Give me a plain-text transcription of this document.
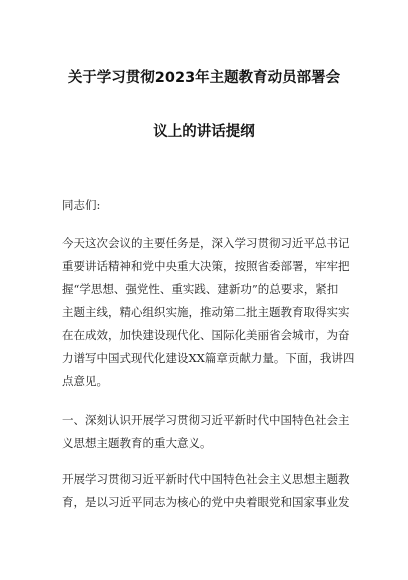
关于学习贯彻2023年主题教育动员部署会
议上的讲话提纲
同志们:
今天这次会议的主要任务是，深入学习贯彻习近平总书记
重要讲话精神和党中央重大决策，按照省委部署，牢牢把
握“学思想、强党性、重实践、建新功”的总要求，紧扣
主题主线，精心组织实施，推动第二批主题教育取得实实
在在成效，加快建设现代化、国际化美丽省会城市，为奋
力谱写中国式现代化建设XX篇章贡献力量。下面，我讲四
点意见。
一、深刻认识开展学习贯彻习近平新时代中国特色社会主
义思想主题教育的重大意义。
开展学习贯彻习近平新时代中国特色社会主义思想主题教
育，是以习近平同志为核心的党中央着眼党和国家事业发
